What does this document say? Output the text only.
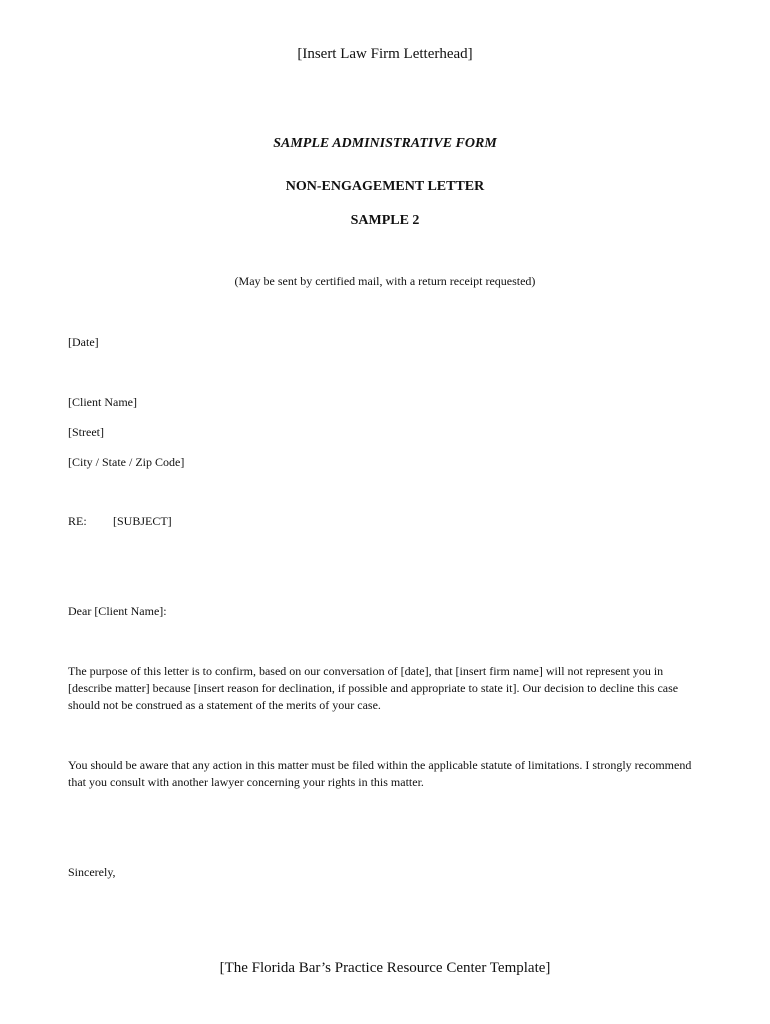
[Insert Law Firm Letterhead]
SAMPLE ADMINISTRATIVE FORM
NON-ENGAGEMENT LETTER
SAMPLE 2
(May be sent by certified mail, with a return receipt requested)
[Date]
[Client Name]
[Street]
[City / State / Zip Code]
RE: [SUBJECT]
Dear [Client Name]:
The purpose of this letter is to confirm, based on our conversation of [date], that [insert firm name] will not represent you in [describe matter] because [insert reason for declination, if possible and appropriate to state it]. Our decision to decline this case should not be construed as a statement of the merits of your case.
You should be aware that any action in this matter must be filed within the applicable statute of limitations. I strongly recommend that you consult with another lawyer concerning your rights in this matter.
Sincerely,
[The Florida Bar’s Practice Resource Center Template]
